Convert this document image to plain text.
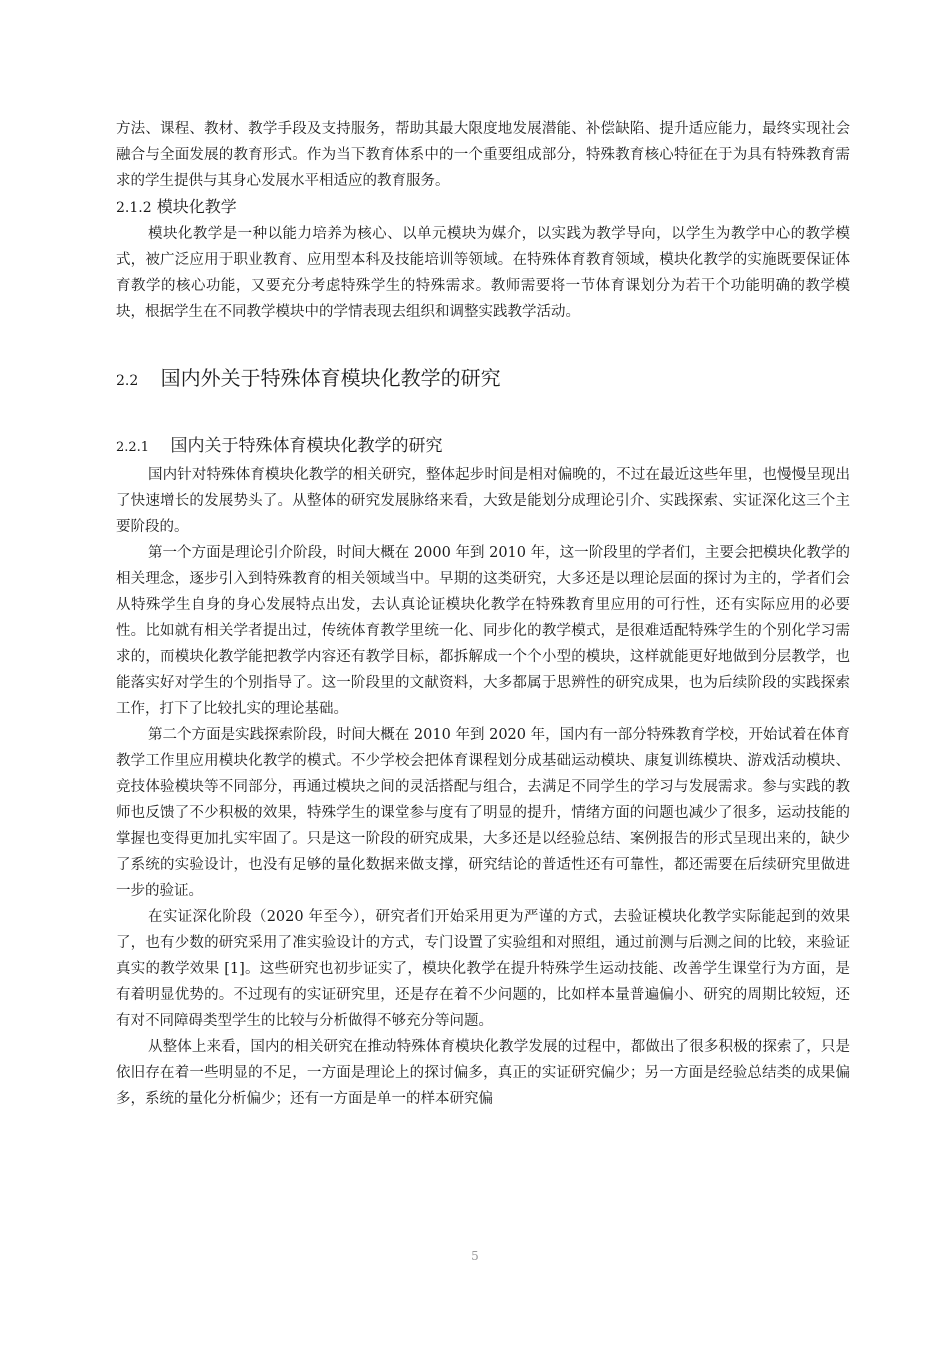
方法、课程、教材、教学手段及支持服务，帮助其最大限度地发展潜能、补偿缺陷、提升适应能力，最终实现社会融合与全面发展的教育形式。作为当下教育体系中的一个重要组成部分，特殊教育核心特征在于为具有特殊教育需求的学生提供与其身心发展水平相适应的教育服务。

2.1.2 模块化教学

模块化教学是一种以能力培养为核心、以单元模块为媒介，以实践为教学导向，以学生为教学中心的教学模式，被广泛应用于职业教育、应用型本科及技能培训等领域。在特殊体育教育领域，模块化教学的实施既要保证体育教学的核心功能，又要充分考虑特殊学生的特殊需求。教师需要将一节体育课划分为若干个功能明确的教学模块，根据学生在不同教学模块中的学情表现去组织和调整实践教学活动。

2.2 国内外关于特殊体育模块化教学的研究
2.2.1 国内关于特殊体育模块化教学的研究

国内针对特殊体育模块化教学的相关研究，整体起步时间是相对偏晚的，不过在最近这些年里，也慢慢呈现出了快速增长的发展势头了。从整体的研究发展脉络来看，大致是能划分成理论引介、实践探索、实证深化这三个主要阶段的。

第一个方面是理论引介阶段，时间大概在 2000 年到 2010 年，这一阶段里的学者们，主要会把模块化教学的相关理念，逐步引入到特殊教育的相关领域当中。早期的这类研究，大多还是以理论层面的探讨为主的，学者们会从特殊学生自身的身心发展特点出发，去认真论证模块化教学在特殊教育里应用的可行性，还有实际应用的必要性。比如就有相关学者提出过，传统体育教学里统一化、同步化的教学模式，是很难适配特殊学生的个别化学习需求的，而模块化教学能把教学内容还有教学目标，都拆解成一个个小型的模块，这样就能更好地做到分层教学，也能落实好对学生的个别指导了。这一阶段里的文献资料，大多都属于思辨性的研究成果，也为后续阶段的实践探索工作，打下了比较扎实的理论基础。

第二个方面是实践探索阶段，时间大概在 2010 年到 2020 年，国内有一部分特殊教育学校，开始试着在体育教学工作里应用模块化教学的模式。不少学校会把体育课程划分成基础运动模块、康复训练模块、游戏活动模块、竞技体验模块等不同部分，再通过模块之间的灵活搭配与组合，去满足不同学生的学习与发展需求。参与实践的教师也反馈了不少积极的效果，特殊学生的课堂参与度有了明显的提升，情绪方面的问题也减少了很多，运动技能的掌握也变得更加扎实牢固了。只是这一阶段的研究成果，大多还是以经验总结、案例报告的形式呈现出来的，缺少了系统的实验设计，也没有足够的量化数据来做支撑，研究结论的普适性还有可靠性，都还需要在后续研究里做进一步的验证。

在实证深化阶段（2020 年至今），研究者们开始采用更为严谨的方式，去验证模块化教学实际能起到的效果了，也有少数的研究采用了准实验设计的方式，专门设置了实验组和对照组，通过前测与后测之间的比较，来验证真实的教学效果 [1]。这些研究也初步证实了，模块化教学在提升特殊学生运动技能、改善学生课堂行为方面，是有着明显优势的。不过现有的实证研究里，还是存在着不少问题的，比如样本量普遍偏小、研究的周期比较短，还有对不同障碍类型学生的比较与分析做得不够充分等问题。

从整体上来看，国内的相关研究在推动特殊体育模块化教学发展的过程中，都做出了很多积极的探索了，只是依旧存在着一些明显的不足，一方面是理论上的探讨偏多，真正的实证研究偏少；另一方面是经验总结类的成果偏多，系统的量化分析偏少；还有一方面是单一的样本研究偏

5
